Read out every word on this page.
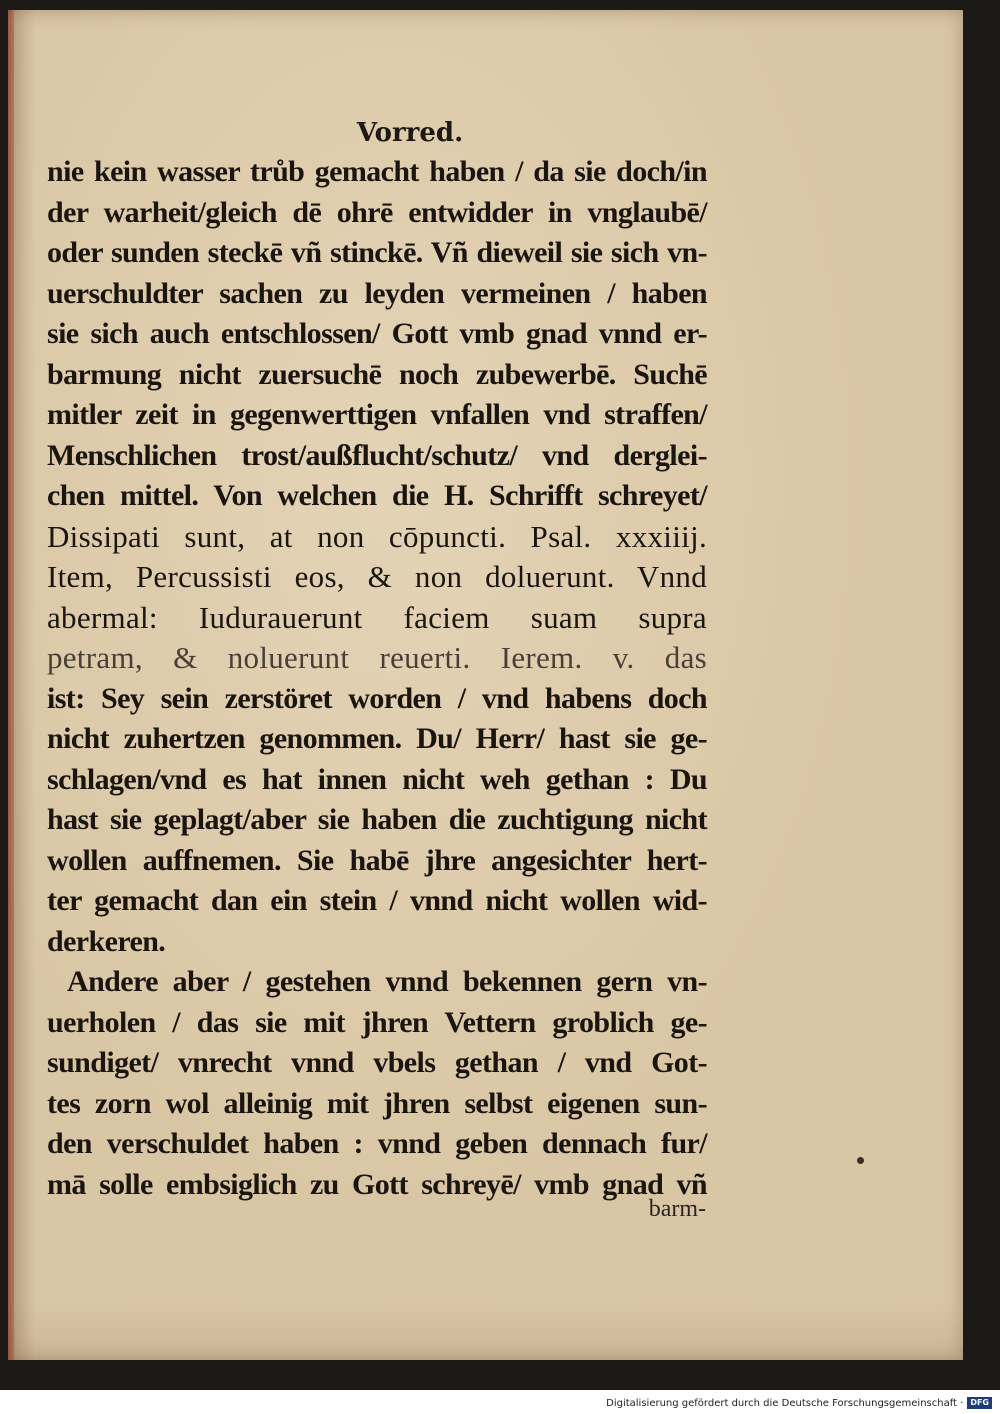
Vorred.
nie kein wasser trůb gemacht haben / da sie doch/in
der warheit/gleich dē ohrē entwidder in vnglaubē/
oder sunden steckē vñ stinckē. Vñ dieweil sie sich vn-
uerschuldter sachen zu leyden vermeinen / haben
sie sich auch entschlossen/ Gott vmb gnad vnnd er-
barmung nicht zuersuchē noch zubewerbē. Suchē
mitler zeit in gegenwerttigen vnfallen vnd straffen/
Menschlichen trost/außflucht/schutz/ vnd derglei-
chen mittel. Von welchen die H. Schrifft schreyet/
Dissipati sunt, at non cōpuncti. Psal. xxxiiij.
Item, Percussisti eos, & non doluerunt. Vnnd
abermal: Iudurauerunt faciem suam supra
petram, & noluerunt reuerti. Ierem. v. das
ist: Sey sein zerstöret worden / vnd habens doch
nicht zuhertzen genommen. Du/ Herr/ hast sie ge-
schlagen/vnd es hat innen nicht weh gethan : Du
hast sie geplagt/aber sie haben die zuchtigung nicht
wollen auffnemen. Sie habē jhre angesichter hert-
ter gemacht dan ein stein / vnnd nicht wollen wid-
derkeren.
Andere aber / gestehen vnnd bekennen gern vn-
uerholen / das sie mit jhren Vettern groblich ge-
sundiget/ vnrecht vnnd vbels gethan / vnd Got-
tes zorn wol alleinig mit jhren selbst eigenen sun-
den verschuldet haben : vnnd geben dennach fur/
mā solle embsiglich zu Gott schreyē/ vmb gnad vñ
barm-
Digitalisierung gefördert durch die Deutsche Forschungsgemeinschaft · DFG
